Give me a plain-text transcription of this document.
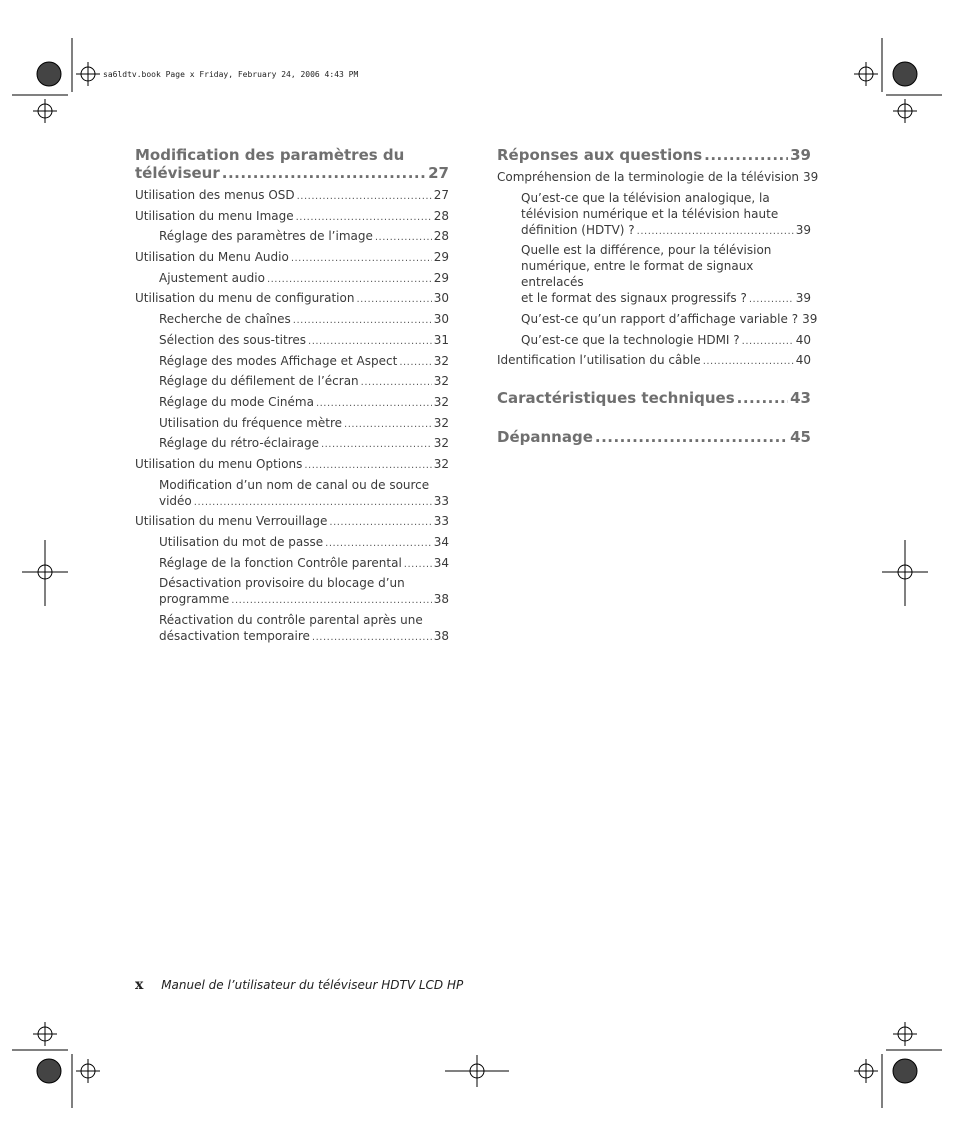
sa6ldtv.book Page x Friday, February 24, 2006 4:43 PM
Modification des paramètres du
téléviseur .....	27
Utilisation des menus OSD .....	27
Utilisation du menu Image .....	28
Réglage des paramètres de l’image .....	28
Utilisation du Menu Audio .....	29
Ajustement audio .....	29
Utilisation du menu de configuration .....	30
Recherche de chaînes .....	30
Sélection des sous-titres .....	31
Réglage des modes Affichage et Aspect .....	32
Réglage du défilement de l’écran .....	32
Réglage du mode Cinéma .....	32
Utilisation du fréquence mètre .....	32
Réglage du rétro-éclairage .....	32
Utilisation du menu Options .....	32
Modification d’un nom de canal ou de source
vidéo .....	33
Utilisation du menu Verrouillage .....	33
Utilisation du mot de passe .....	34
Réglage de la fonction Contrôle parental .....	34
Désactivation provisoire du blocage d’un
programme .....	38
Réactivation du contrôle parental après une
désactivation temporaire .....	38
Réponses aux questions .....	39
Compréhension de la terminologie de la télévision 39
Qu’est-ce que la télévision analogique, la
télévision numérique et la télévision haute
définition (HDTV) ? .....	39
Quelle est la différence, pour la télévision
numérique, entre le format de signaux entrelacés
et le format des signaux progressifs ? .....	39
Qu’est-ce qu’un rapport d’affichage variable ? 39
Qu’est-ce que la technologie HDMI ? .....	40
Identification l’utilisation du câble .....	40
Caractéristiques techniques .....	43
Dépannage .....	45
x Manuel de l’utilisateur du téléviseur HDTV LCD HP
